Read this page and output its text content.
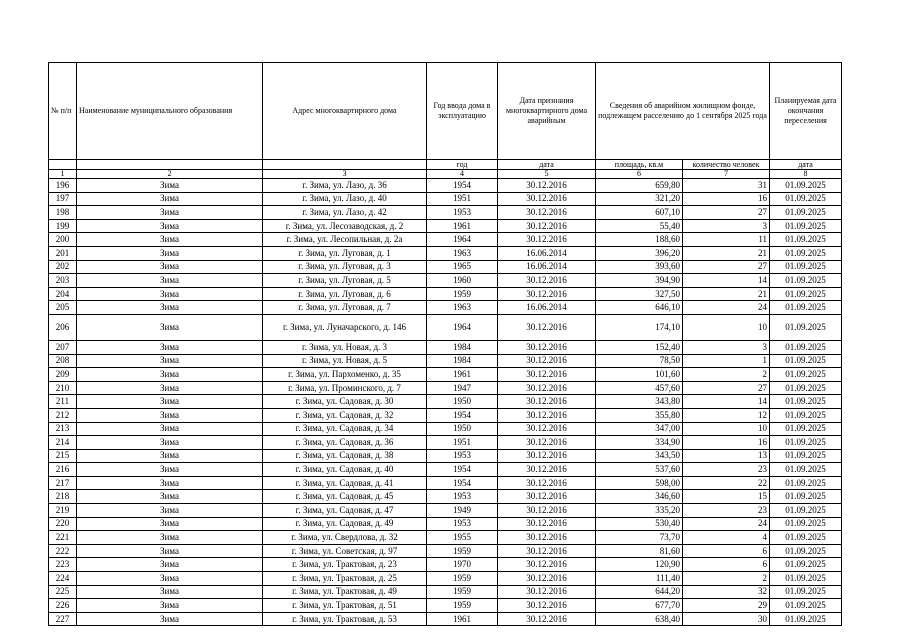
№ п/п	Наименование муниципального образования	Адрес многоквартирного дома	Год ввода дома в эксплуатацию	Дата признания многоквартирного дома аварийным	Сведения об аварийном жилищном фонде, подлежащем расселению до 1 сентября 2025 года		Планируемая дата окончания переселения
			год	дата	площадь, кв.м	количество человек	дата
1	2	3	4	5	6	7	8
196	Зима	г. Зима, ул. Лазо, д. 36	1954	30.12.2016	659,80	31	01.09.2025
197	Зима	г. Зима, ул. Лазо, д. 40	1951	30.12.2016	321,20	16	01.09.2025
198	Зима	г. Зима, ул. Лазо, д. 42	1953	30.12.2016	607,10	27	01.09.2025
199	Зима	г. Зима, ул. Лесозаводская, д. 2	1961	30.12.2016	55,40	3	01.09.2025
200	Зима	г. Зима, ул. Лесопильная, д. 2а	1964	30.12.2016	188,60	11	01.09.2025
201	Зима	г. Зима, ул. Луговая, д. 1	1963	16.06.2014	396,20	21	01.09.2025
202	Зима	г. Зима, ул. Луговая, д. 3	1965	16.06.2014	393,60	27	01.09.2025
203	Зима	г. Зима, ул. Луговая, д. 5	1960	30.12.2016	394,90	14	01.09.2025
204	Зима	г. Зима, ул. Луговая, д. 6	1959	30.12.2016	327,50	21	01.09.2025
205	Зима	г. Зима, ул. Луговая, д. 7	1963	16.06.2014	646,10	24	01.09.2025
206	Зима	г. Зима, ул. Луначарского, д. 146	1964	30.12.2016	174,10	10	01.09.2025
207	Зима	г. Зима, ул. Новая, д. 3	1984	30.12.2016	152,40	3	01.09.2025
208	Зима	г. Зима, ул. Новая, д. 5	1984	30.12.2016	78,50	1	01.09.2025
209	Зима	г. Зима, ул. Пархоменко, д. 35	1961	30.12.2016	101,60	2	01.09.2025
210	Зима	г. Зима, ул. Проминского, д. 7	1947	30.12.2016	457,60	27	01.09.2025
211	Зима	г. Зима, ул. Садовая, д. 30	1950	30.12.2016	343,80	14	01.09.2025
212	Зима	г. Зима, ул. Садовая, д. 32	1954	30.12.2016	355,80	12	01.09.2025
213	Зима	г. Зима, ул. Садовая, д. 34	1950	30.12.2016	347,00	10	01.09.2025
214	Зима	г. Зима, ул. Садовая, д. 36	1951	30.12.2016	334,90	16	01.09.2025
215	Зима	г. Зима, ул. Садовая, д. 38	1953	30.12.2016	343,50	13	01.09.2025
216	Зима	г. Зима, ул. Садовая, д. 40	1954	30.12.2016	537,60	23	01.09.2025
217	Зима	г. Зима, ул. Садовая, д. 41	1954	30.12.2016	598,00	22	01.09.2025
218	Зима	г. Зима, ул. Садовая, д. 45	1953	30.12.2016	346,60	15	01.09.2025
219	Зима	г. Зима, ул. Садовая, д. 47	1949	30.12.2016	335,20	23	01.09.2025
220	Зима	г. Зима, ул. Садовая, д. 49	1953	30.12.2016	530,40	24	01.09.2025
221	Зима	г. Зима, ул. Свердлова, д. 32	1955	30.12.2016	73,70	4	01.09.2025
222	Зима	г. Зима, ул. Советская, д. 97	1959	30.12.2016	81,60	6	01.09.2025
223	Зима	г. Зима, ул. Трактовая, д. 23	1970	30.12.2016	120,90	6	01.09.2025
224	Зима	г. Зима, ул. Трактовая, д. 25	1959	30.12.2016	111,40	2	01.09.2025
225	Зима	г. Зима, ул. Трактовая, д. 49	1959	30.12.2016	644,20	32	01.09.2025
226	Зима	г. Зима, ул. Трактовая, д. 51	1959	30.12.2016	677,70	29	01.09.2025
227	Зима	г. Зима, ул. Трактовая, д. 53	1961	30.12.2016	638,40	30	01.09.2025
